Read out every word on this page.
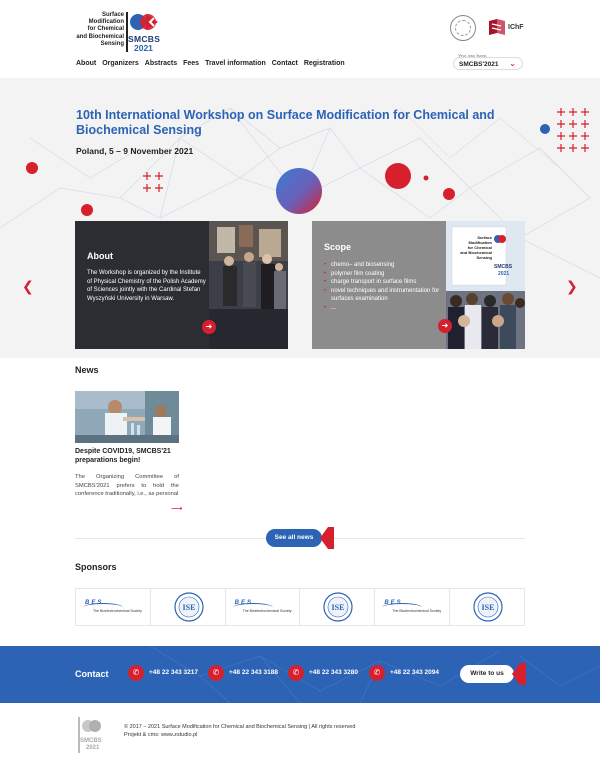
Surface
Modification
for Chemical
and Biochemical
Sensing SMCBS
2021
About Organizers Abstracts Fees Travel information Contact Registration
IChF
You are here
SMCBS'2021 ⌄
10th International Workshop on Surface Modification for Chemical and Biochemical Sensing
Poland, 5 – 9 November 2021
❮	❯
About
The Workshop is organized by the Institute of Physical Chemistry of the Polish Academy of Sciences jointly with the Cardinal Stefan Wyszyński University in Warsaw.
➜
Scope
• chemo– and biosensing
• polymer film coating
• charge transport in surface films
• novel techniques and instrumentation for surfaces examination
• ...
Surface
Modification
for Chemical
and Biochemical
Sensing
SMCBS
2021
➜
News
Despite COVID19, SMCBS'21 preparations begin!
The Organizing Committee of SMCBS'2021 prefers to hold the conference traditionally, i.e., as personal
⟶
See all news
Sponsors
BES
The Bioelectrochemical Society	ISE	BES
The Bioelectrochemical Society	ISE	BES
The Bioelectrochemical Society	ISE
Contact	✆	+48 22 343 3217	✆	+48 22 343 3188	✆	+48 22 343 3280	✆	+48 22 343 2094	Write to us
SMCBS
2021
© 2017 – 2021 Surface Modification for Chemical and Biochemical Sensing | All rights reserved
Projekt & cms: www.zstudio.pl
